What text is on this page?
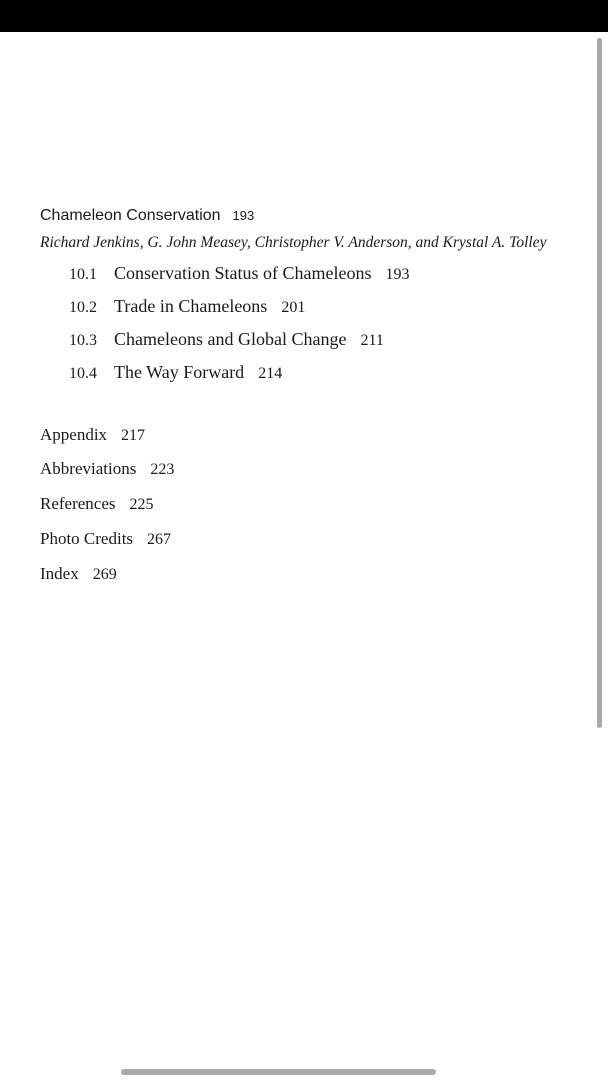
Chameleon Conservation 193
Richard Jenkins, G. John Measey, Christopher V. Anderson, and Krystal A. Tolley
10.1 Conservation Status of Chameleons 193
10.2 Trade in Chameleons 201
10.3 Chameleons and Global Change 211
10.4 The Way Forward 214
Appendix 217
Abbreviations 223
References 225
Photo Credits 267
Index 269
